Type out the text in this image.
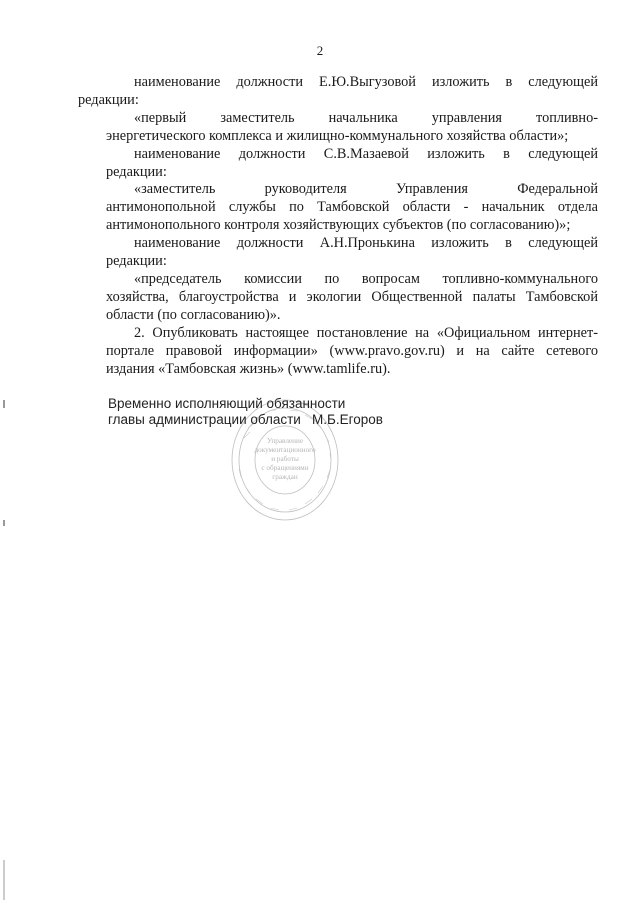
2

наименование должности Е.Ю.Выгузовой изложить в следующей
редакции:

«первый заместитель начальника управления топливно-
энергетического комплекса и жилищно-коммунального хозяйства области»;

наименование должности С.В.Мазаевой изложить в следующей
редакции:

«заместитель руководителя Управления Федеральной
антимонопольной службы по Тамбовской области - начальник отдела
антимонопольного контроля хозяйствующих субъектов (по согласованию)»;

наименование должности А.Н.Пронькина изложить в следующей
редакции:

«председатель комиссии по вопросам топливно-коммунального
хозяйства, благоустройства и экологии Общественной палаты Тамбовской
области (по согласованию)».

2. Опубликовать настоящее постановление на «Официальном интернет-
портале правовой информации» (www.pravo.gov.ru) и на сайте сетевого
издания «Тамбовская жизнь» (www.tamlife.ru).

Управление
документационного
и работы
с обращениями
граждан
Временно исполняющий обязанности
главы администрации области М.Б.Егоров
